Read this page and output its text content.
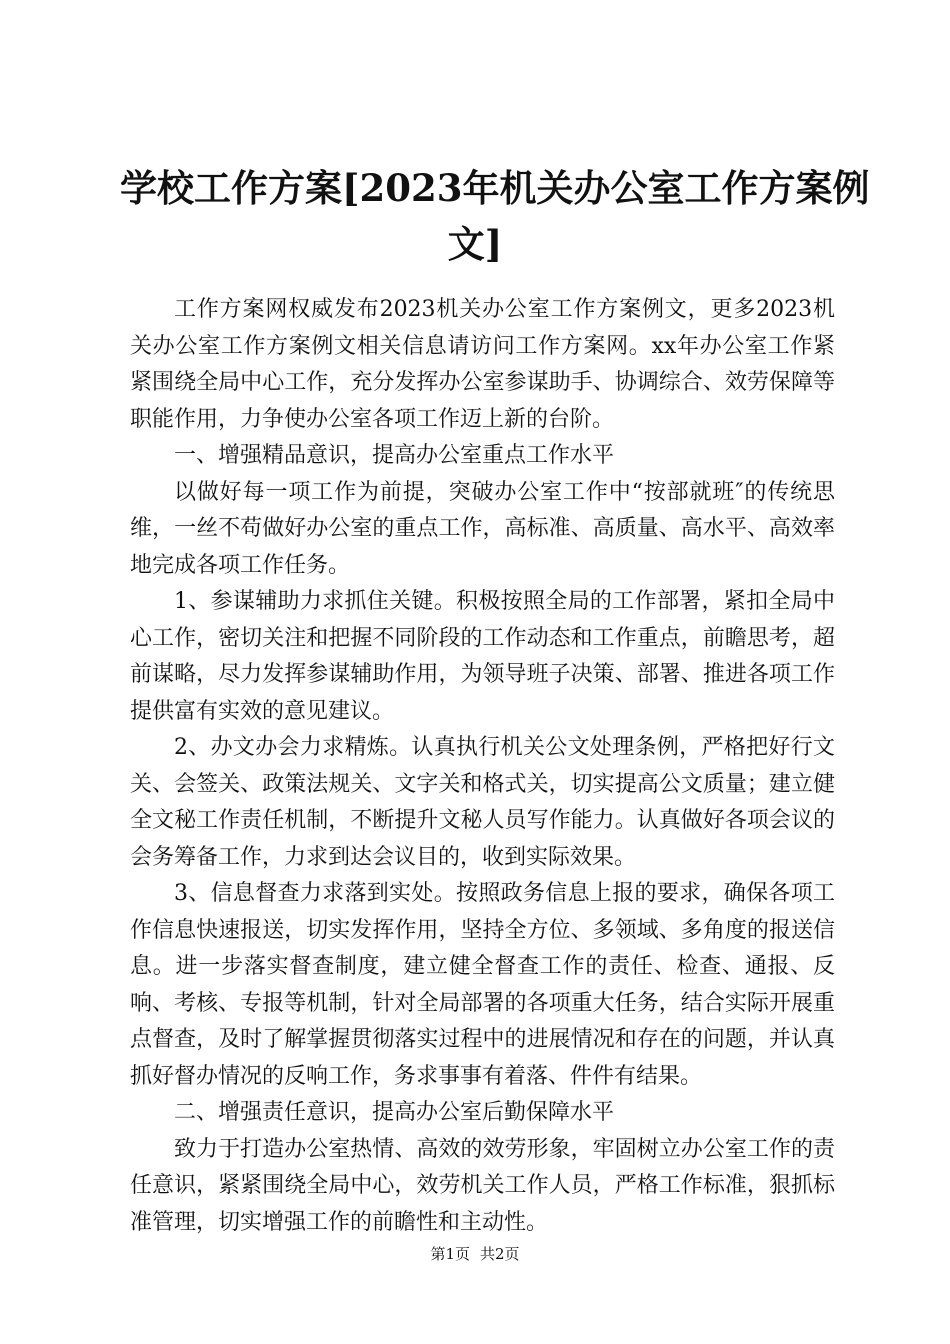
学校工作方案[2023年机关办公室工作方案例
文]

工作方案网权威发布2023机关办公室工作方案例文，更多2023机关办公室工作方案例文相关信息请访问工作方案网。xx年办公室工作紧紧围绕全局中心工作，充分发挥办公室参谋助手、协调综合、效劳保障等职能作用，力争使办公室各项工作迈上新的台阶。

一、增强精品意识，提高办公室重点工作水平

以做好每一项工作为前提，突破办公室工作中“按部就班″的传统思维，一丝不苟做好办公室的重点工作，高标准、高质量、高水平、高效率地完成各项工作任务。

1、参谋辅助力求抓住关键。积极按照全局的工作部署，紧扣全局中心工作，密切关注和把握不同阶段的工作动态和工作重点，前瞻思考，超前谋略，尽力发挥参谋辅助作用，为领导班子决策、部署、推进各项工作提供富有实效的意见建议。

2、办文办会力求精炼。认真执行机关公文处理条例，严格把好行文关、会签关、政策法规关、文字关和格式关，切实提高公文质量；建立健全文秘工作责任机制，不断提升文秘人员写作能力。认真做好各项会议的会务筹备工作，力求到达会议目的，收到实际效果。

3、信息督查力求落到实处。按照政务信息上报的要求，确保各项工作信息快速报送，切实发挥作用，坚持全方位、多领域、多角度的报送信息。进一步落实督查制度，建立健全督查工作的责任、检查、通报、反响、考核、专报等机制，针对全局部署的各项重大任务，结合实际开展重点督查，及时了解掌握贯彻落实过程中的进展情况和存在的问题，并认真抓好督办情况的反响工作，务求事事有着落、件件有结果。

二、增强责任意识，提高办公室后勤保障水平

致力于打造办公室热情、高效的效劳形象，牢固树立办公室工作的责任意识，紧紧围绕全局中心，效劳机关工作人员，严格工作标准，狠抓标准管理，切实增强工作的前瞻性和主动性。

第1页 共2页
